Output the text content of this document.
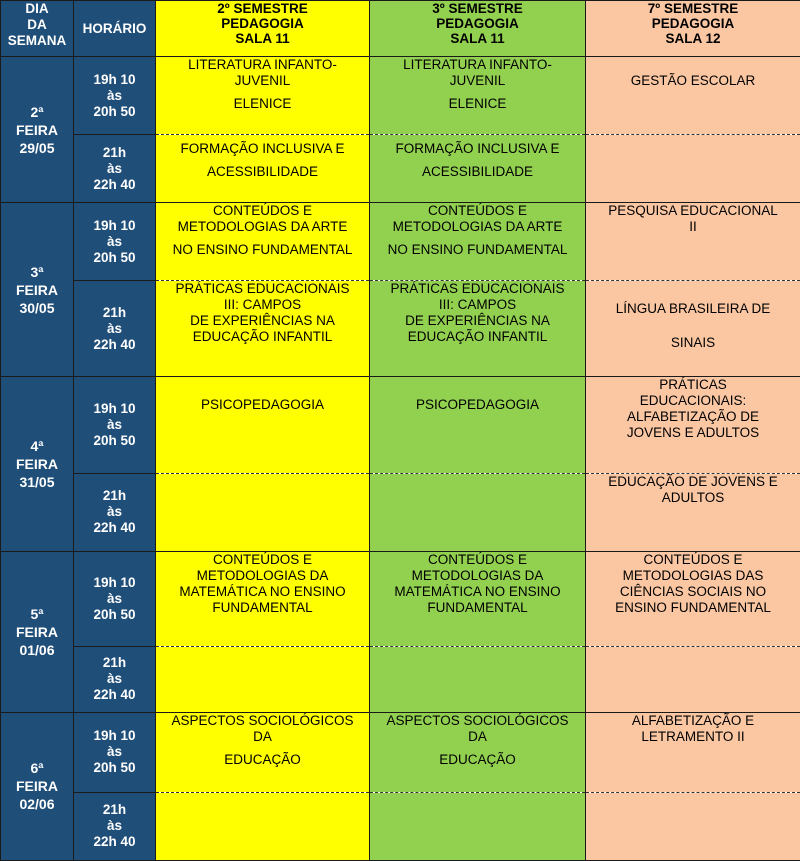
DIA
DA
SEMANA	HORÁRIO	2º SEMESTRE
PEDAGOGIA
SALA 11	3º SEMESTRE
PEDAGOGIA
SALA 11	7º SEMESTRE
PEDAGOGIA
SALA 12

2ª
FEIRA
29/05	19h 10
às
20h 50	LITERATURA INFANTO-
JUVENIL
ELENICE	LITERATURA INFANTO-
JUVENIL
ELENICE	GESTÃO ESCOLAR

	21h
às
22h 40	FORMAÇÃO INCLUSIVA E
ACESSIBILIDADE	FORMAÇÃO INCLUSIVA E
ACESSIBILIDADE	

3ª
FEIRA
30/05	19h 10
às
20h 50	CONTEÚDOS E
METODOLOGIAS DA ARTE
NO ENSINO FUNDAMENTAL	CONTEÚDOS E
METODOLOGIAS DA ARTE
NO ENSINO FUNDAMENTAL	PESQUISA EDUCACIONAL
II

	21h
às
22h 40	PRÁTICAS EDUCACIONAIS
III: CAMPOS
DE EXPERIÊNCIAS NA
EDUCAÇÃO INFANTIL	PRÁTICAS EDUCACIONAIS
III: CAMPOS
DE EXPERIÊNCIAS NA
EDUCAÇÃO INFANTIL	LÍNGUA BRASILEIRA DE
SINAIS

4ª
FEIRA
31/05	19h 10
às
20h 50	PSICOPEDAGOGIA	PSICOPEDAGOGIA	PRÁTICAS
EDUCACIONAIS:
ALFABETIZAÇÃO DE
JOVENS E ADULTOS

	21h
às
22h 40			EDUCAÇÃO DE JOVENS E
ADULTOS

5ª
FEIRA
01/06	19h 10
às
20h 50	CONTEÚDOS E
METODOLOGIAS DA
MATEMÁTICA NO ENSINO
FUNDAMENTAL	CONTEÚDOS E
METODOLOGIAS DA
MATEMÁTICA NO ENSINO
FUNDAMENTAL	CONTEÚDOS E
METODOLOGIAS DAS
CIÊNCIAS SOCIAIS NO
ENSINO FUNDAMENTAL

	21h
às
22h 40			

6ª
FEIRA
02/06	19h 10
às
20h 50	ASPECTOS SOCIOLÓGICOS
DA
EDUCAÇÃO	ASPECTOS SOCIOLÓGICOS
DA
EDUCAÇÃO	ALFABETIZAÇÃO E
LETRAMENTO II

	21h
às
22h 40			
